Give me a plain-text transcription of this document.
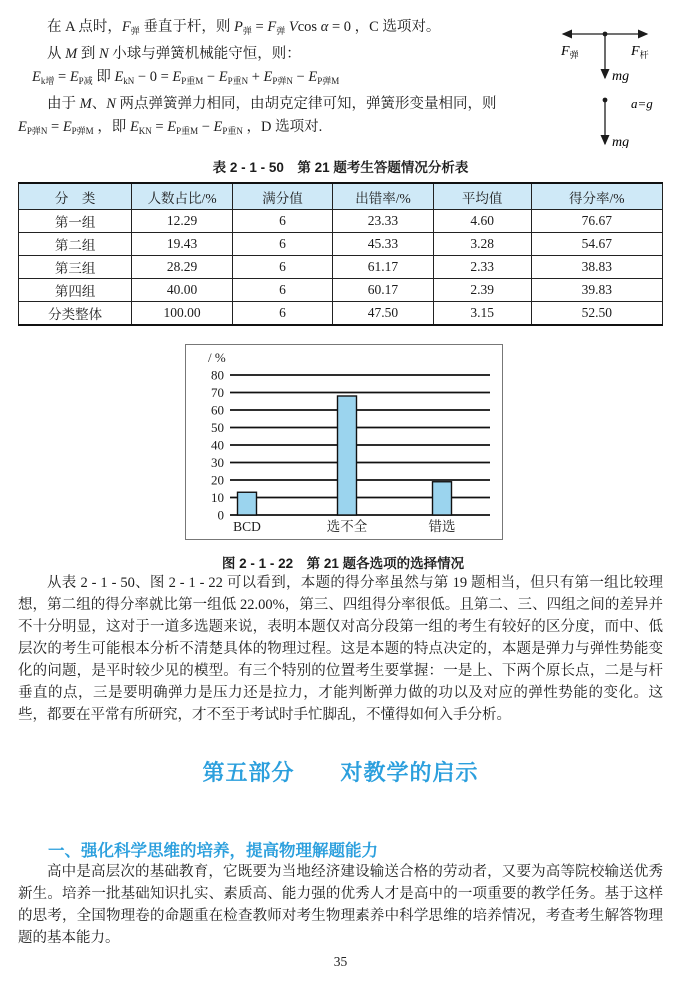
在 A 点时，$F_弹$ 垂直于杆，则 $P_弹 = F_弹$ Vcos α = 0 ，C 选项对。
从 M 到 N 小球与弹簧机械能守恒，则：
$E_{k增} = E_{P减}$ 即 $E_{kN} - 0 = E_{P重M} - E_{P重N} + E_{P弹N} - E_{P弹M}$
由于 M、N 两点弹簧弹力相同，由胡克定律可知，弹簧形变量相同，则
$E_{P弹N} = E_{P弹M}$ ，即 $E_{KN} = E_{P重M} - E_{P重N}$ ，D 选项对.
$F_弹$	$F_杆$
mg
a=g
mg
表 2 - 1 - 50　第 21 题考生答题情况分析表
分　类	人数占比/%	满分值	出错率/%	平均值	得分率/%
第一组	12.29	6	23.33	4.60	76.67
第二组	19.43	6	45.33	3.28	54.67
第三组	28.29	6	61.17	2.33	38.83
第四组	40.00	6	60.17	2.39	39.83
分类整体	100.00	6	47.50	3.15	52.50
/ %
0
10
20
30
40
50
60
70
80
BCD	选不全	错选
图 2 - 1 - 22　第 21 题各选项的选择情况

从表 2 - 1 - 50、图 2 - 1 - 22 可以看到，本题的得分率虽然与第 19 题相当，但只有第一组比较理想，第二组的得分率就比第一组低 22.00%，第三、四组得分率很低。且第二、三、四组之间的差异并不十分明显，这对于一道多选题来说，表明本题仅对高分段第一组的考生有较好的区分度，而中、低层次的考生可能根本分析不清楚具体的物理过程。这是本题的特点决定的，本题是弹力与弹性势能变化的问题，是平时较少见的模型。有三个特别的位置考生要掌握：一是上、下两个原长点，二是与杆垂直的点，三是要明确弹力是压力还是拉力，才能判断弹力做的功以及对应的弹性势能的变化。这些，都要在平常有所研究，才不至于考试时手忙脚乱，不懂得如何入手分析。

第五部分　　对教学的启示
一、强化科学思维的培养，提高物理解题能力

高中是高层次的基础教育，它既要为当地经济建设输送合格的劳动者，又要为高等院校输送优秀新生。培养一批基础知识扎实、素质高、能力强的优秀人才是高中的一项重要的教学任务。基于这样的思考，全国物理卷的命题重在检查教师对考生物理素养中科学思维的培养情况，考查考生解答物理题的基本能力。

35
